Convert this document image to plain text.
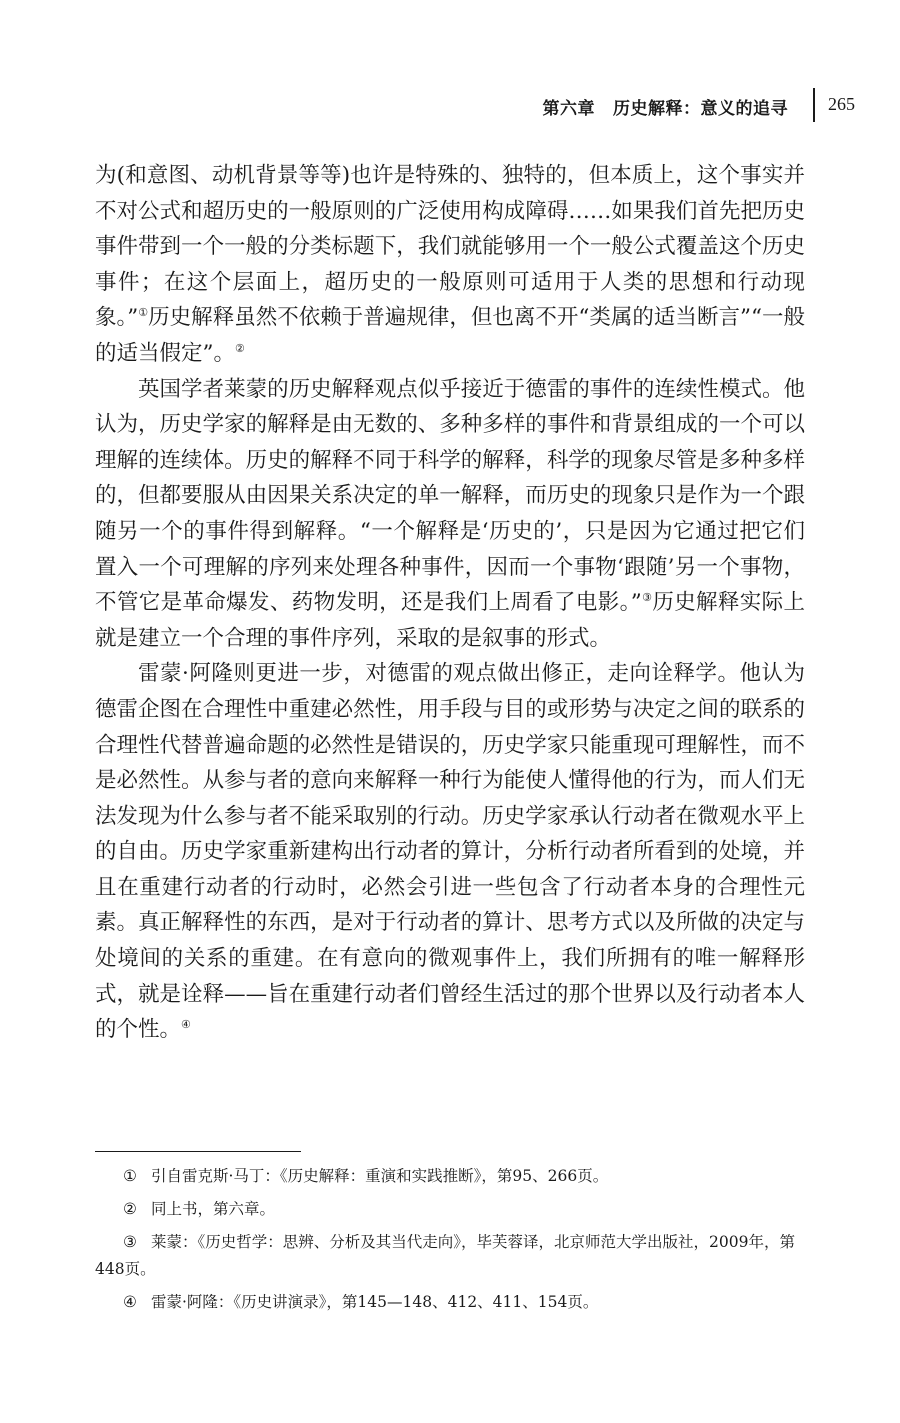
第六章 历史解释：意义的追寻 265

为(和意图、动机背景等等)也许是特殊的、独特的，但本质上，这个事实并不对公式和超历史的一般原则的广泛使用构成障碍……如果我们首先把历史事件带到一个一般的分类标题下，我们就能够用一个一般公式覆盖这个历史事件；在这个层面上，超历史的一般原则可适用于人类的思想和行动现象。”①历史解释虽然不依赖于普遍规律，但也离不开“类属的适当断言”“一般的适当假定”。②

英国学者莱蒙的历史解释观点似乎接近于德雷的事件的连续性模式。他认为，历史学家的解释是由无数的、多种多样的事件和背景组成的一个可以理解的连续体。历史的解释不同于科学的解释，科学的现象尽管是多种多样的，但都要服从由因果关系决定的单一解释，而历史的现象只是作为一个跟随另一个的事件得到解释。“一个解释是‘历史的’，只是因为它通过把它们置入一个可理解的序列来处理各种事件，因而一个事物‘跟随’另一个事物，不管它是革命爆发、药物发明，还是我们上周看了电影。”③历史解释实际上就是建立一个合理的事件序列，采取的是叙事的形式。

雷蒙·阿隆则更进一步，对德雷的观点做出修正，走向诠释学。他认为德雷企图在合理性中重建必然性，用手段与目的或形势与决定之间的联系的合理性代替普遍命题的必然性是错误的，历史学家只能重现可理解性，而不是必然性。从参与者的意向来解释一种行为能使人懂得他的行为，而人们无法发现为什么参与者不能采取别的行动。历史学家承认行动者在微观水平上的自由。历史学家重新建构出行动者的算计，分析行动者所看到的处境，并且在重建行动者的行动时，必然会引进一些包含了行动者本身的合理性元素。真正解释性的东西，是对于行动者的算计、思考方式以及所做的决定与处境间的关系的重建。在有意向的微观事件上，我们所拥有的唯一解释形式，就是诠释——旨在重建行动者们曾经生活过的那个世界以及行动者本人的个性。④

① 引自雷克斯·马丁：《历史解释：重演和实践推断》，第95、266页。

② 同上书，第六章。

③ 莱蒙：《历史哲学：思辨、分析及其当代走向》，毕芙蓉译，北京师范大学出版社，2009年，第448页。

④ 雷蒙·阿隆：《历史讲演录》，第145—148、412、411、154页。
